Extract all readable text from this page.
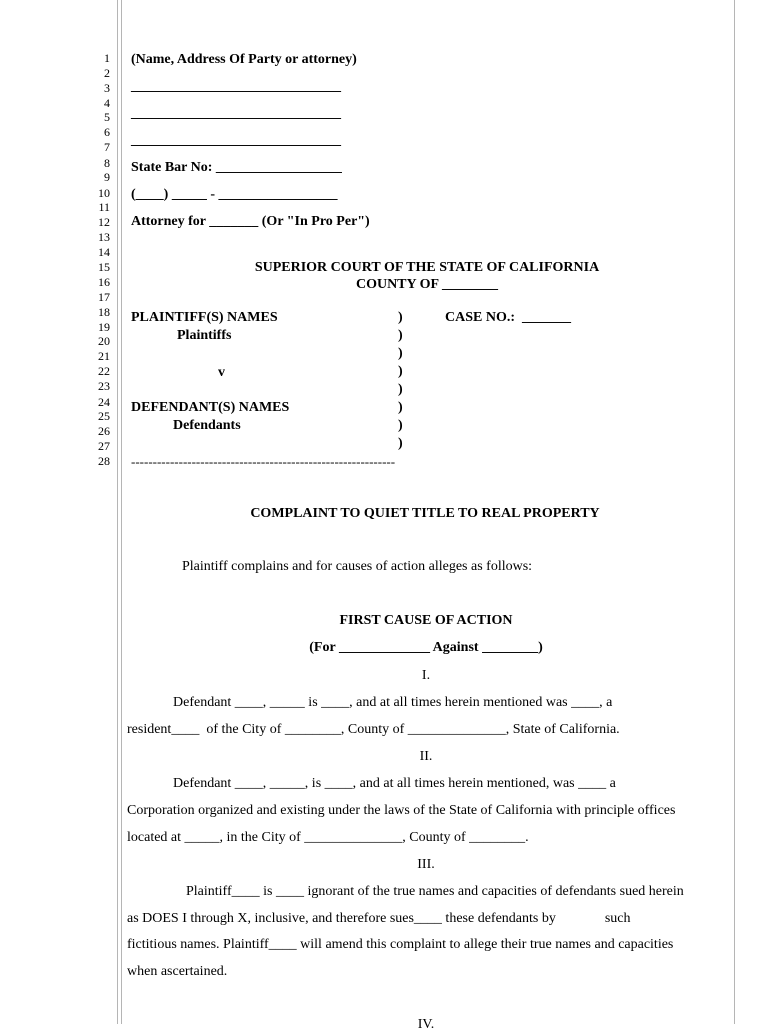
1
2
3
4
5
6
7
8
9
10
11
12
13
14
15
16
17
18
19
20
21
22
23
24
25
26
27
28
(Name, Address Of Party or attorney)
______________________________
______________________________
______________________________
State Bar No: __________________
(____) _____ - _________________
Attorney for _______ (Or "In Pro Per")
SUPERIOR COURT OF THE STATE OF CALIFORNIA
COUNTY OF ________
PLAINTIFF(S) NAMES
Plaintiffs
v
DEFENDANT(S) NAMES
Defendants
CASE NO.:  _______
)
)
)
)
)
)
)
)
-------------------------------------------------------------
COMPLAINT TO QUIET TITLE TO REAL PROPERTY
Plaintiff complains and for causes of action alleges as follows:
FIRST CAUSE OF ACTION
(For _____________ Against ________)
I.
Defendant ____, _____ is ____, and at all times herein mentioned was ____, a
resident____  of the City of ________, County of ______________, State of California.
II.
Defendant ____, _____, is ____, and at all times herein mentioned, was ____ a
Corporation organized and existing under the laws of the State of California with principle offices
located at _____, in the City of ______________, County of ________.
III.
Plaintiff____ is ____ ignorant of the true names and capacities of defendants sued herein
as DOES I through X, inclusive, and therefore sues____ these defendants by              such
fictitious names. Plaintiff____ will amend this complaint to allege their true names and capacities
when ascertained.
IV.
